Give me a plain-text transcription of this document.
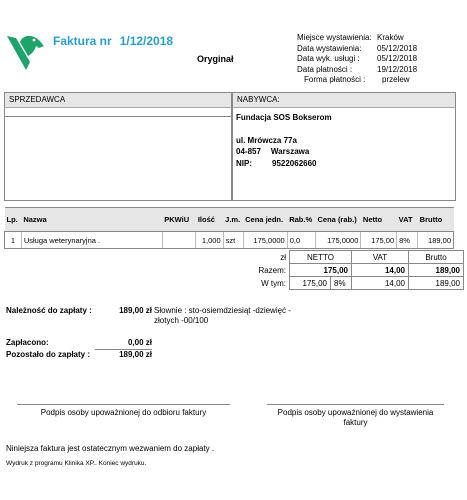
Faktura nr 1/12/2018
Oryginał
Miejsce wystawienia: Kraków
Data wystawienia:	05/12/2018
Data wyk. usługi :	05/12/2018
Data płatności :	19/12/2018
Forma płatności :	przelew
SPRZEDAWCA	NABYWCA:
Fundacja SOS Bokserom
ul. Mrówcza 77a
04-857 Warszawa
NIP:	9522062660
Lp.	Nazwa	PKWiU	Ilość	J.m.	Cena jedn.	Rab.%	Cena (rab.)	Netto	VAT	Brutto
1	Usługa weterynaryjna .		1,000	szt	175,0000	0,0	175,0000	175,00	8%	189,00
zł	NETTO		VAT	Brutto
Razem:	175,00		14,00	189,00
W tym:	175,00	8%	14,00	189,00
Należność do zapłaty :	189,00 zł Słownie : sto-osiemdziesiąt -dziewięć -
złotych -00/100
Zapłacono:	0,00 zł
Pozostało do zapłaty :	189,00 zł
Podpis osoby upoważnionej do odbioru faktury	Podpis osoby upoważnionej do wystawienia
faktury
Niniejsza faktura jest ostatecznym wezwaniem do zapłaty .
Wydruk z programu Klinika XP.. Koniec wydruku.
